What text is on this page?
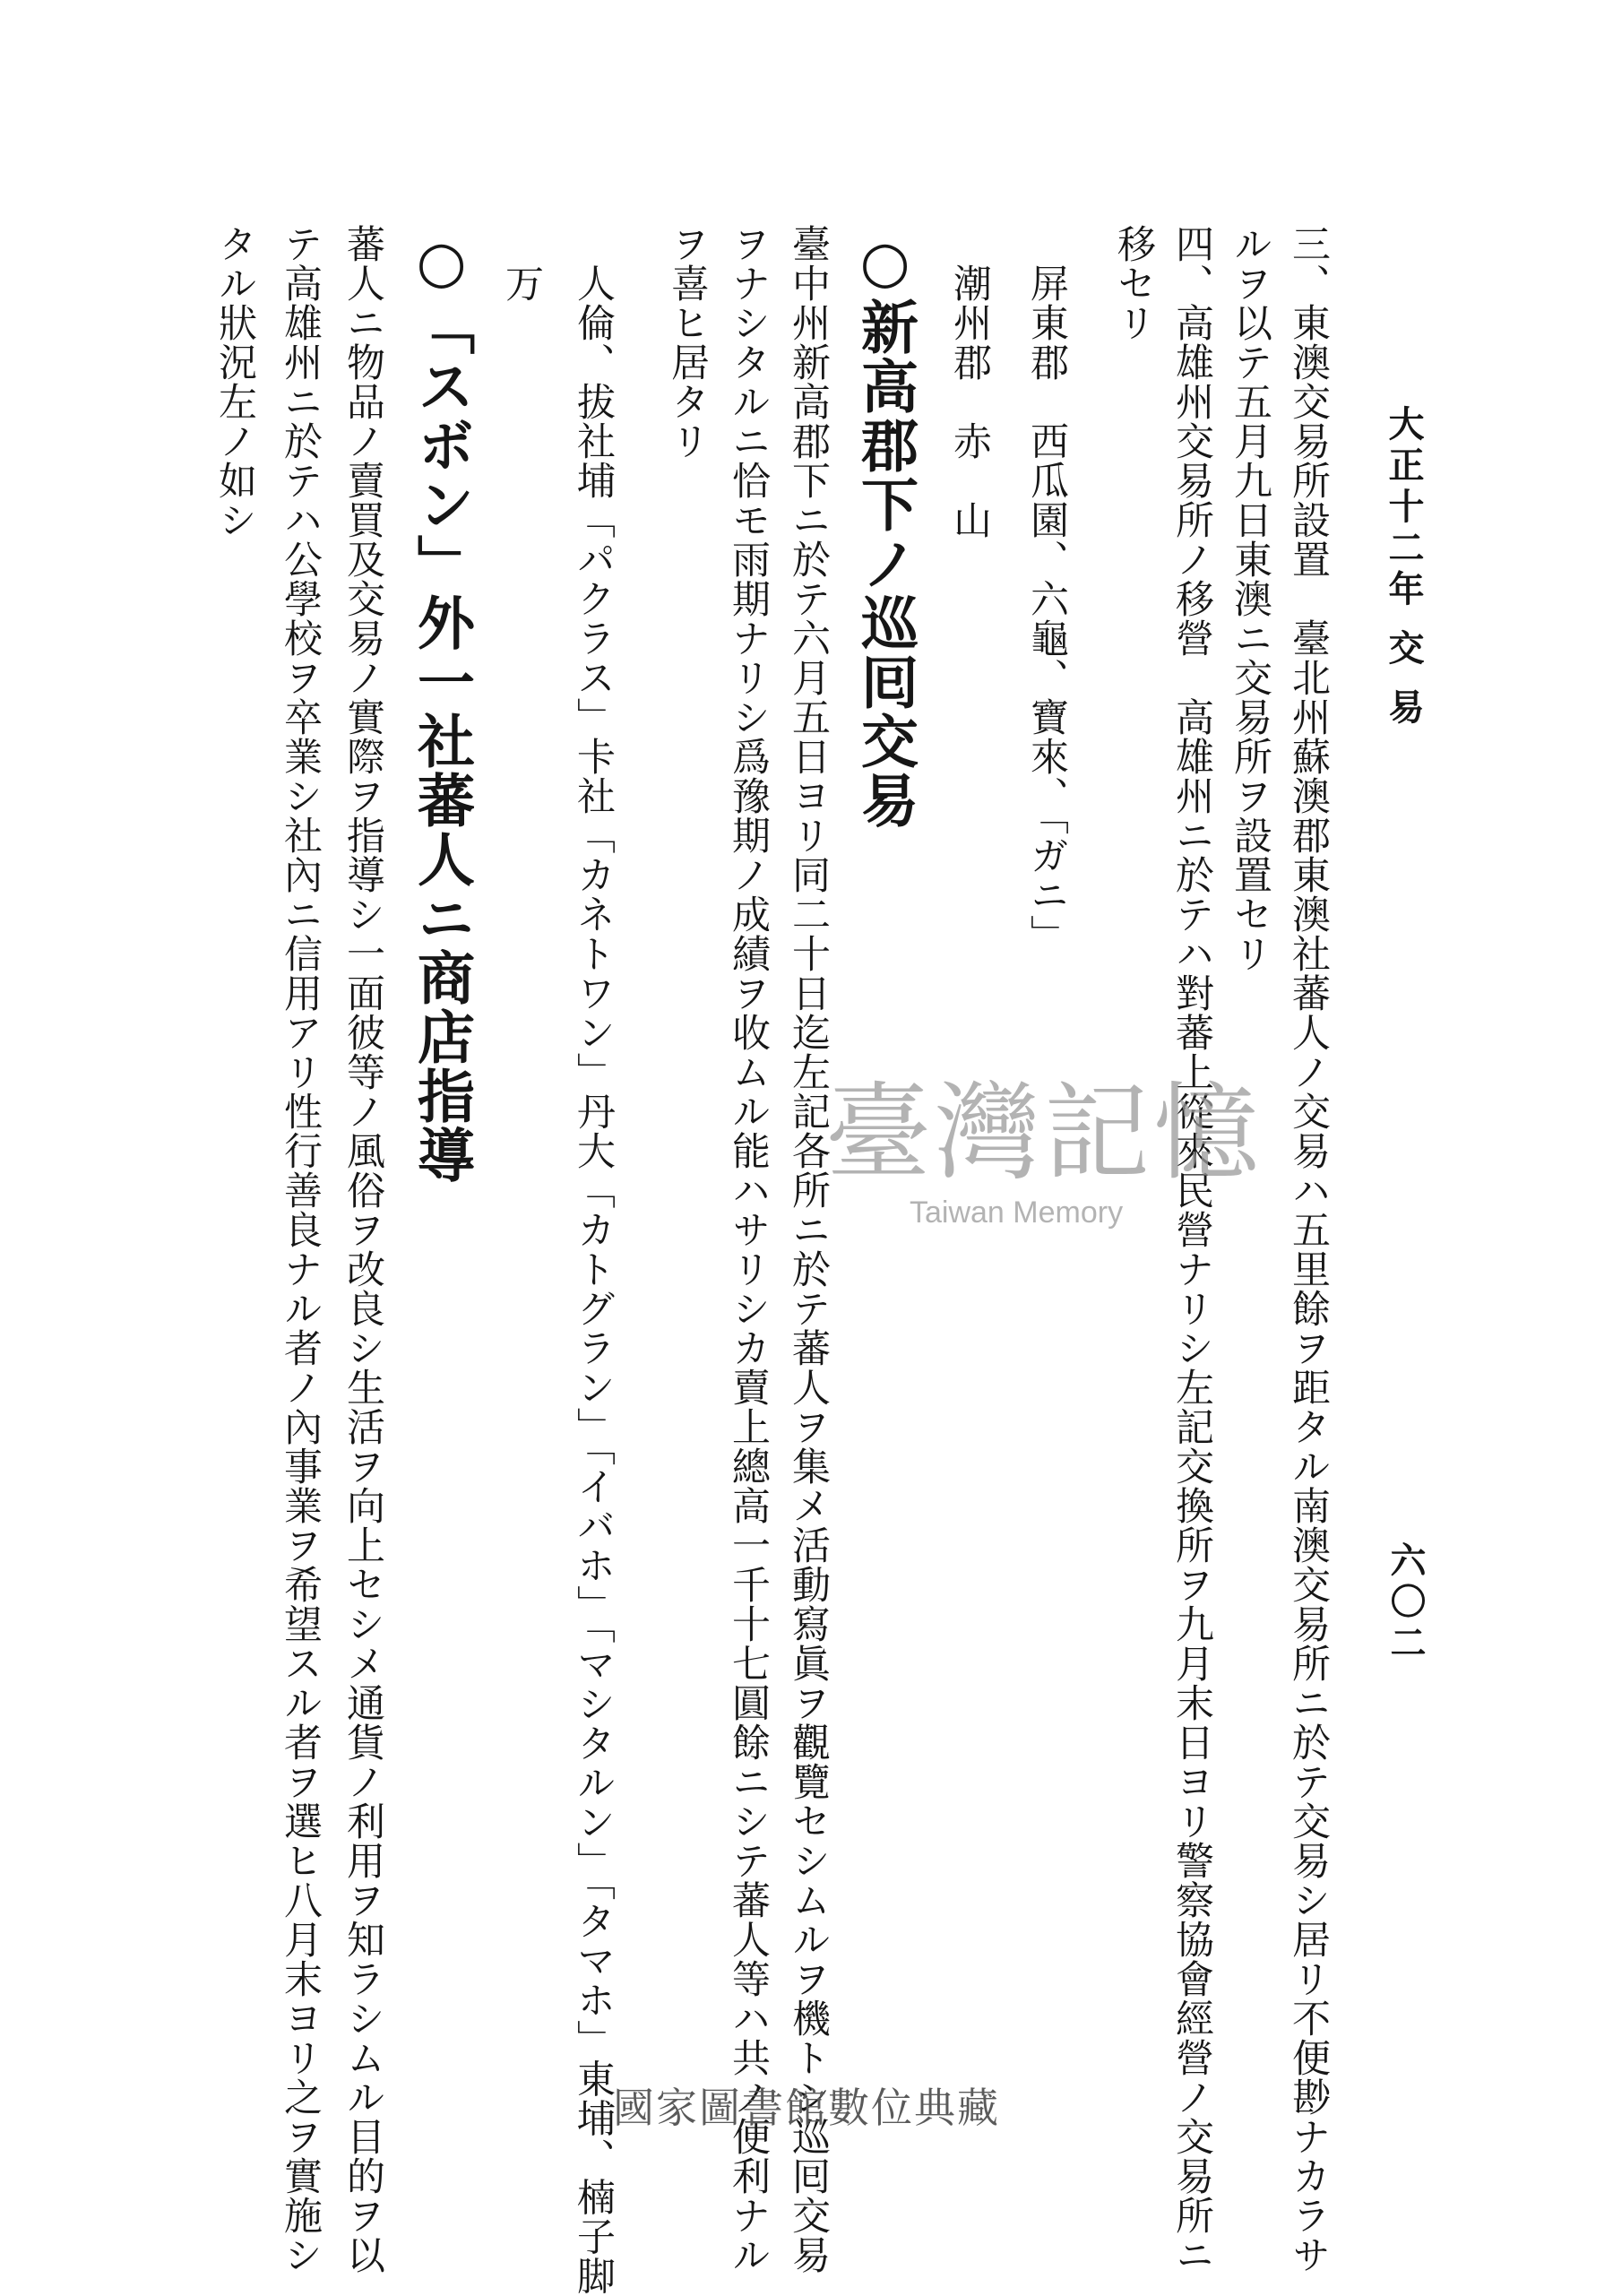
大正十二年 交 易
六〇二
三、東澳交易所設置　臺北州蘇澳郡東澳社蕃人ノ交易ハ五里餘ヲ距タル南澳交易所ニ於テ交易シ居リ不便尠ナカラサ
ルヲ以テ五月九日東澳ニ交易所ヲ設置セリ
四、高雄州交易所ノ移營　高雄州ニ於テハ對蕃上從來民營ナリシ左記交換所ヲ九月末日ヨリ警察協會經營ノ交易所ニ
移セリ
　屏東郡　西瓜園、六龜、寶來、「ガニ」
　潮州郡　赤　山
○新高郡下ノ巡囘交易
臺中州新高郡下ニ於テ六月五日ヨリ同二十日迄左記各所ニ於テ蕃人ヲ集メ活動寫眞ヲ觀覽セシムルヲ機トシ巡囘交易
ヲナシタルニ恰モ雨期ナリシ爲豫期ノ成績ヲ收ムル能ハサリシカ賣上總高一千十七圓餘ニシテ蕃人等ハ共ノ便利ナル
ヲ喜ヒ居タリ
　人倫、拔社埔「パクラス」卡社「カネトワン」丹大「カトグラン」「イバホ」「マシタルン」「タマホ」東埔、楠子脚
　万
○「スボン」外一社蕃人ニ商店指導
蕃人ニ物品ノ賣買及交易ノ實際ヲ指導シ一面彼等ノ風俗ヲ改良シ生活ヲ向上セシメ通貨ノ利用ヲ知ラシムル目的ヲ以
テ高雄州ニ於テハ公學校ヲ卒業シ社內ニ信用アリ性行善良ナル者ノ內事業ヲ希望スル者ヲ選ヒ八月末ヨリ之ヲ實施シ
タル狀況左ノ如シ
臺灣記憶
Taiwan Memory
國家圖書館數位典藏
